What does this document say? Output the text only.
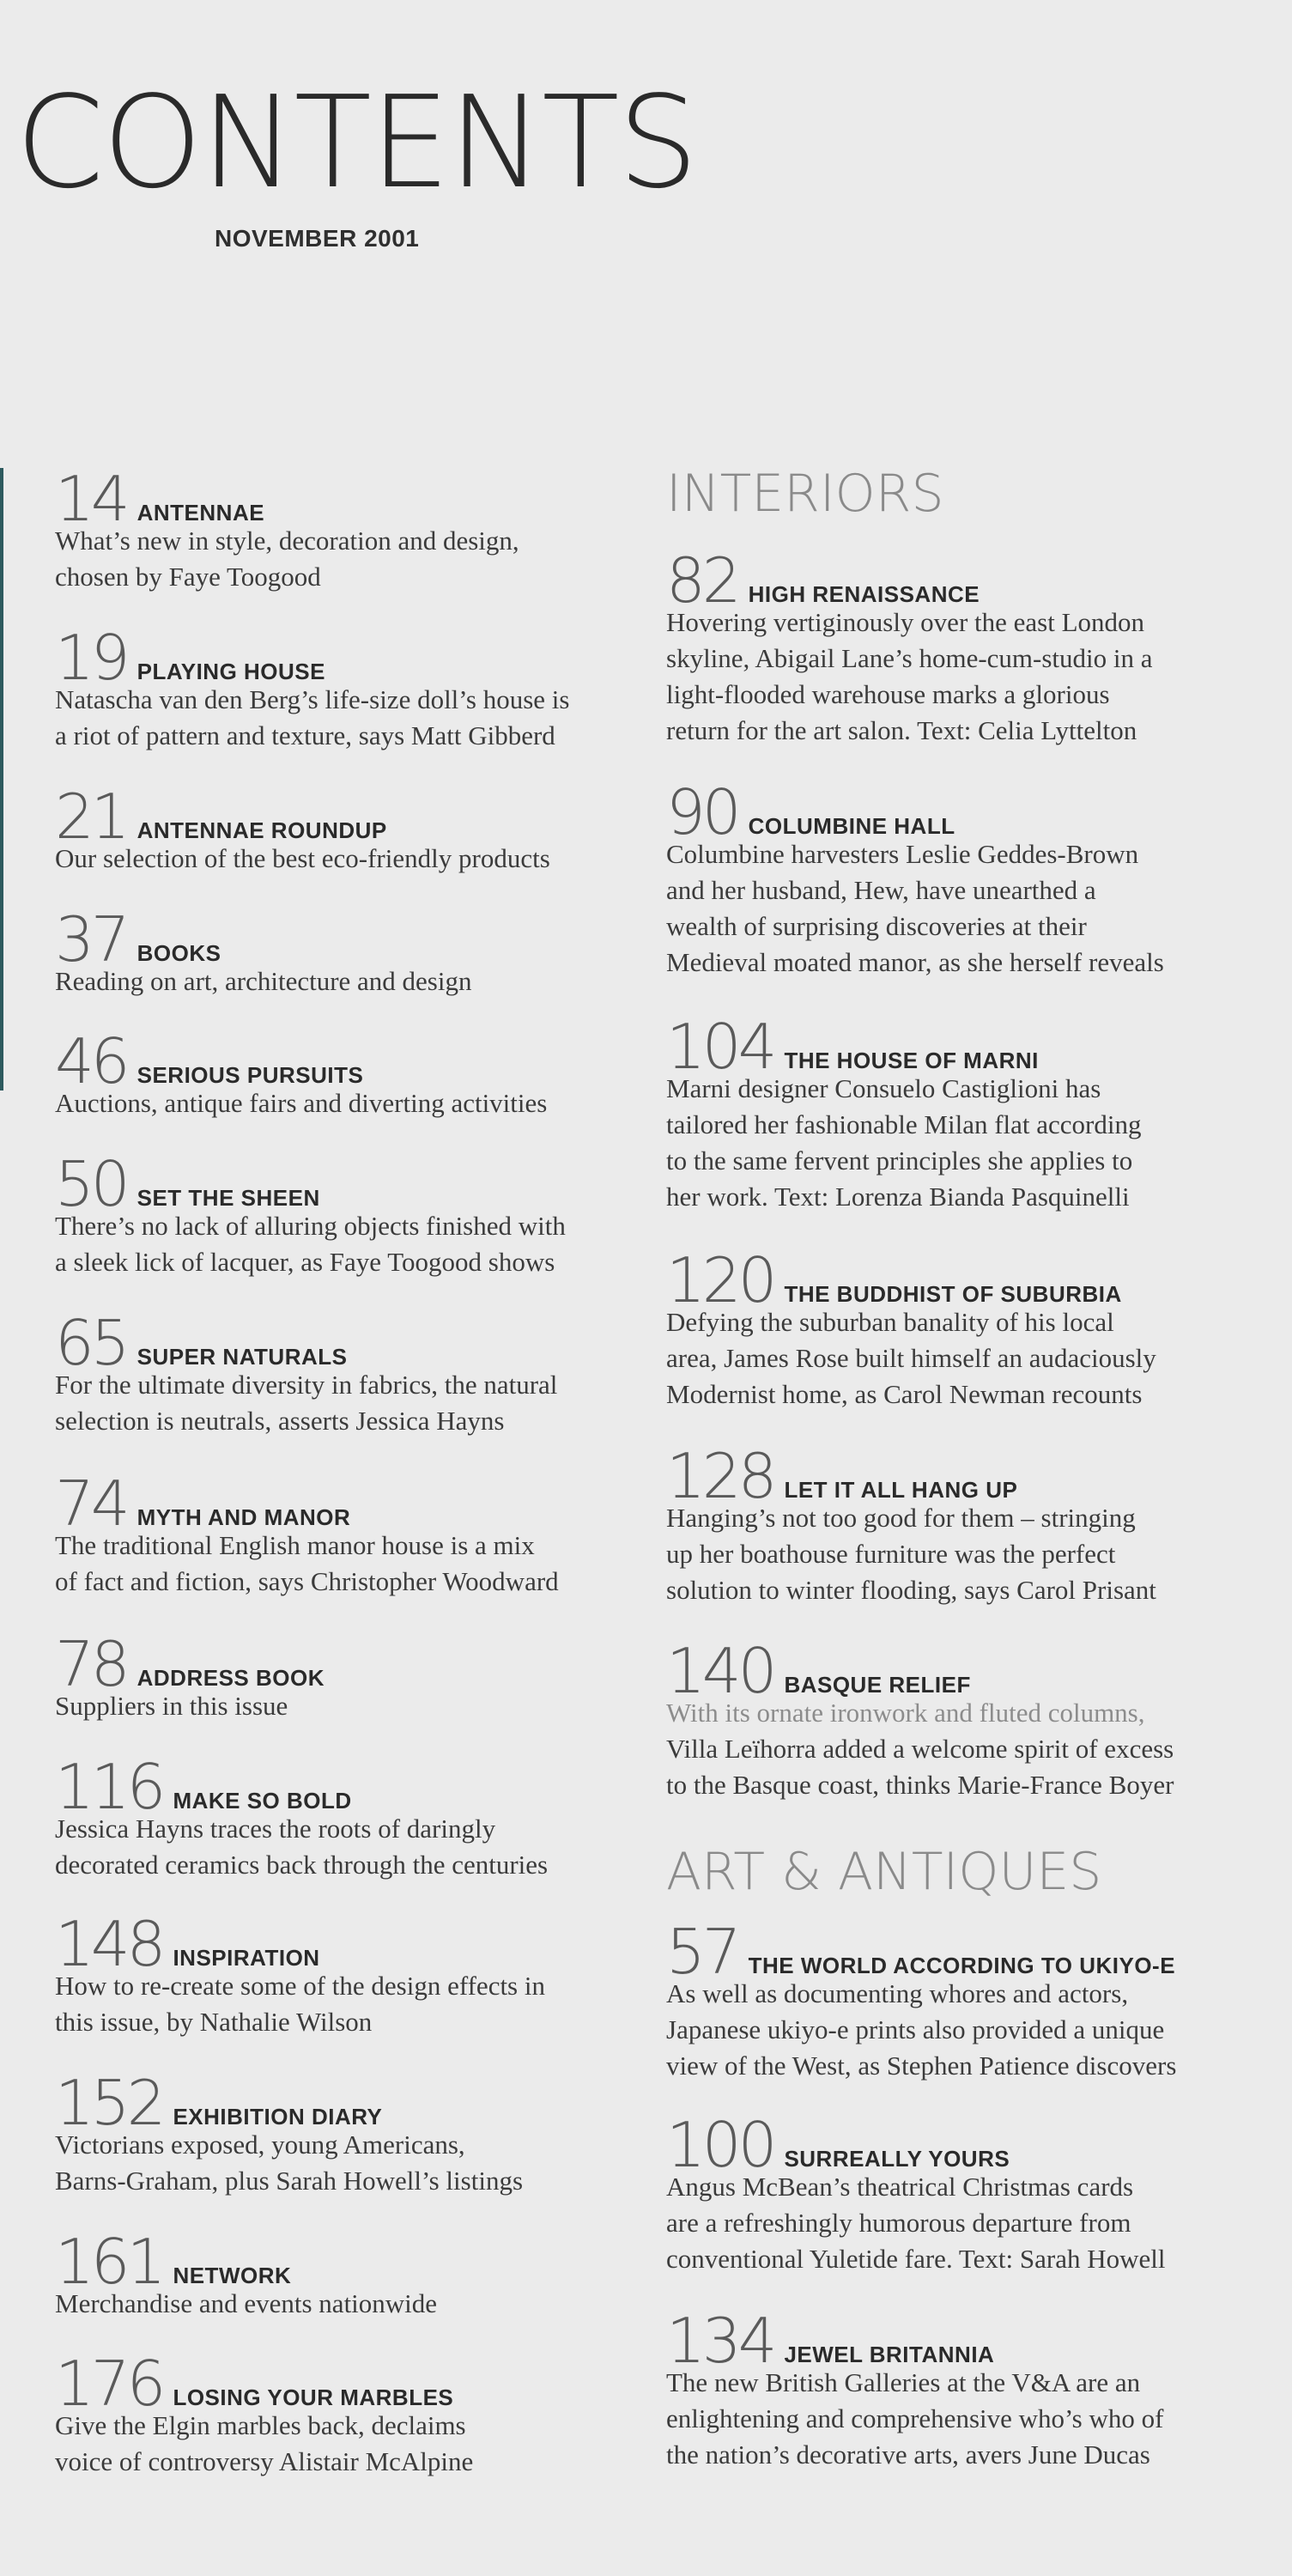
CONTENTS
NOVEMBER 2001
14 ANTENNAE
What’s new in style, decoration and design,
chosen by Faye Toogood
19 PLAYING HOUSE
Natascha van den Berg’s life-size doll’s house is
a riot of pattern and texture, says Matt Gibberd
21 ANTENNAE ROUNDUP
Our selection of the best eco-friendly products
37 BOOKS
Reading on art, architecture and design
46 SERIOUS PURSUITS
Auctions, antique fairs and diverting activities
50 SET THE SHEEN
There’s no lack of alluring objects finished with
a sleek lick of lacquer, as Faye Toogood shows
65 SUPER NATURALS
For the ultimate diversity in fabrics, the natural
selection is neutrals, asserts Jessica Hayns
74 MYTH AND MANOR
The traditional English manor house is a mix
of fact and fiction, says Christopher Woodward
78 ADDRESS BOOK
Suppliers in this issue
116 MAKE SO BOLD
Jessica Hayns traces the roots of daringly
decorated ceramics back through the centuries
148 INSPIRATION
How to re-create some of the design effects in
this issue, by Nathalie Wilson
152 EXHIBITION DIARY
Victorians exposed, young Americans,
Barns-Graham, plus Sarah Howell’s listings
161 NETWORK
Merchandise and events nationwide
176 LOSING YOUR MARBLES
Give the Elgin marbles back, declaims
voice of controversy Alistair McAlpine
INTERIORS
82 HIGH RENAISSANCE
Hovering vertiginously over the east London
skyline, Abigail Lane’s home-cum-studio in a
light-flooded warehouse marks a glorious
return for the art salon. Text: Celia Lyttelton
90 COLUMBINE HALL
Columbine harvesters Leslie Geddes-Brown
and her husband, Hew, have unearthed a
wealth of surprising discoveries at their
Medieval moated manor, as she herself reveals
104 THE HOUSE OF MARNI
Marni designer Consuelo Castiglioni has
tailored her fashionable Milan flat according
to the same fervent principles she applies to
her work. Text: Lorenza Bianda Pasquinelli
120 THE BUDDHIST OF SUBURBIA
Defying the suburban banality of his local
area, James Rose built himself an audaciously
Modernist home, as Carol Newman recounts
128 LET IT ALL HANG UP
Hanging’s not too good for them – stringing
up her boathouse furniture was the perfect
solution to winter flooding, says Carol Prisant
140 BASQUE RELIEF
With its ornate ironwork and fluted columns,
Villa Leïhorra added a welcome spirit of excess
to the Basque coast, thinks Marie-France Boyer
ART & ANTIQUES
57 THE WORLD ACCORDING TO UKIYO-E
As well as documenting whores and actors,
Japanese ukiyo-e prints also provided a unique
view of the West, as Stephen Patience discovers
100 SURREALLY YOURS
Angus McBean’s theatrical Christmas cards
are a refreshingly humorous departure from
conventional Yuletide fare. Text: Sarah Howell
134 JEWEL BRITANNIA
The new British Galleries at the V&A are an
enlightening and comprehensive who’s who of
the nation’s decorative arts, avers June Ducas
